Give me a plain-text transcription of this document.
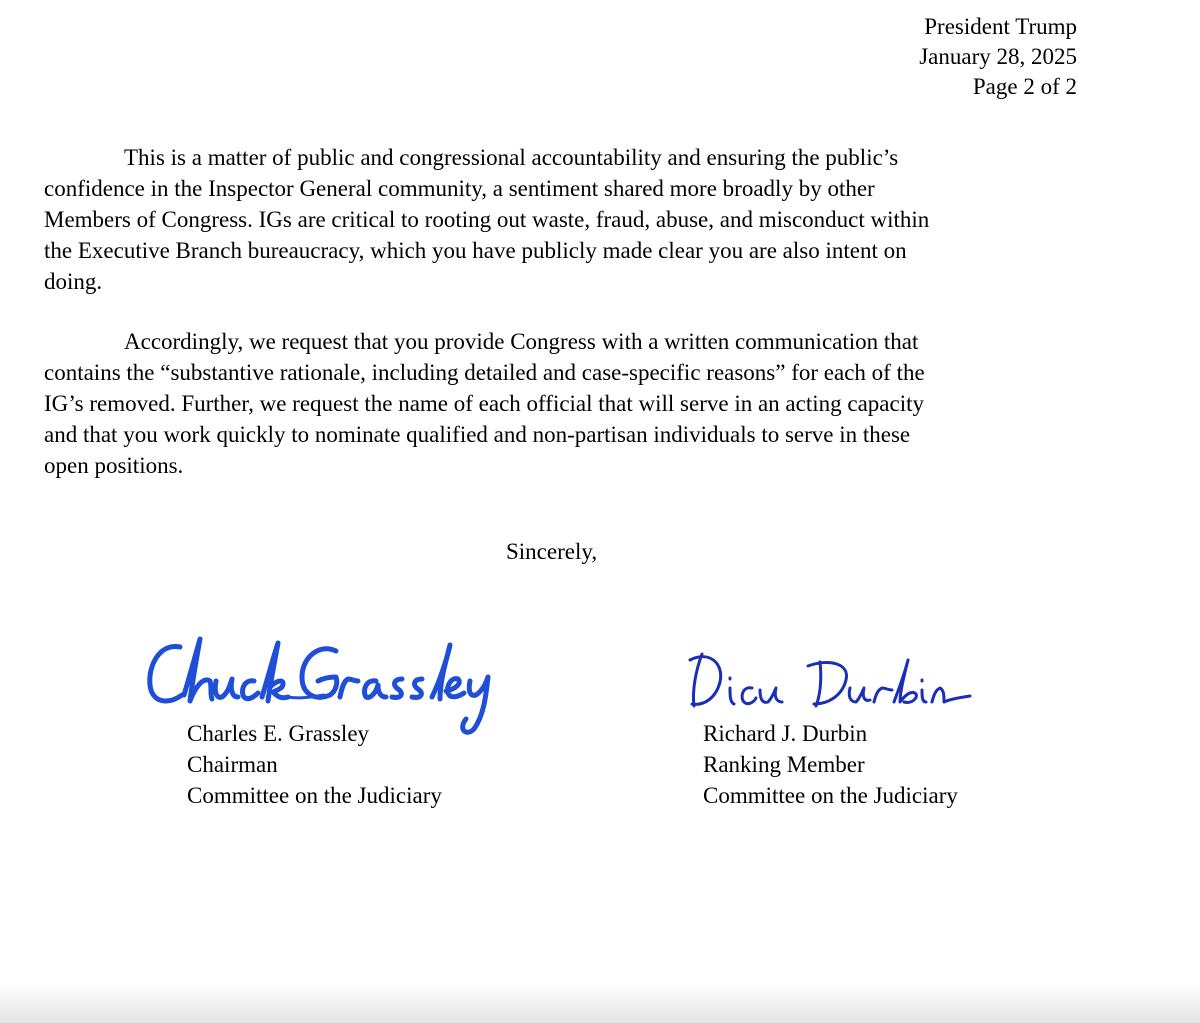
President Trump
January 28, 2025
Page 2 of 2

This is a matter of public and congressional accountability and ensuring the public’s
confidence in the Inspector General community, a sentiment shared more broadly by other
Members of Congress. IGs are critical to rooting out waste, fraud, abuse, and misconduct within
the Executive Branch bureaucracy, which you have publicly made clear you are also intent on
doing.

Accordingly, we request that you provide Congress with a written communication that
contains the “substantive rationale, including detailed and case-specific reasons” for each of the
IG’s removed. Further, we request the name of each official that will serve in an acting capacity
and that you work quickly to nominate qualified and non-partisan individuals to serve in these
open positions.

Sincerely,
Charles E. Grassley
Chairman
Committee on the Judiciary
Richard J. Durbin
Ranking Member
Committee on the Judiciary
